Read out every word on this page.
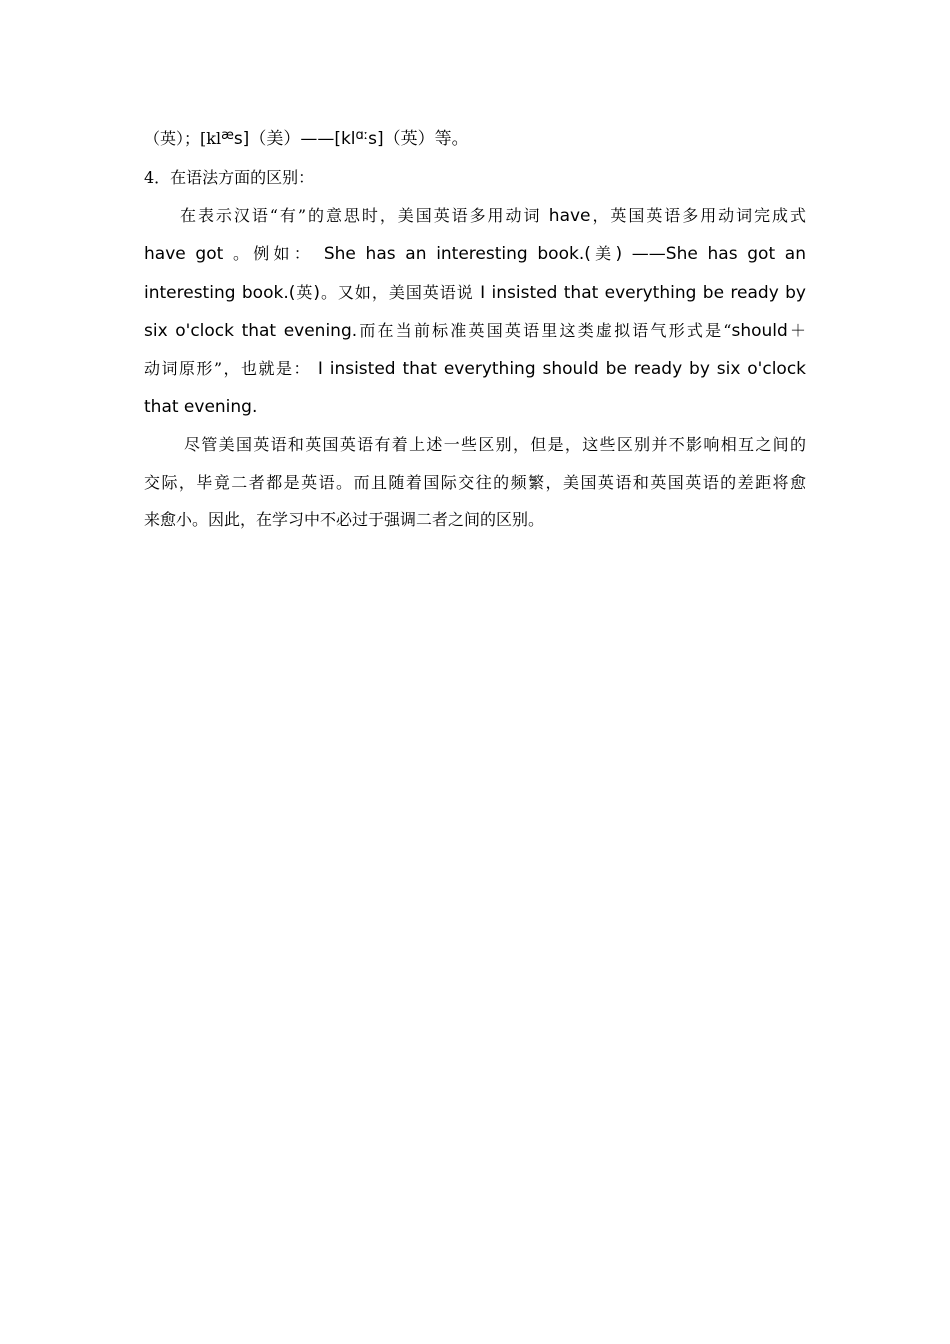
（英）；$[kl^æs]$（美）$——[kl^{ɑː}s]$（英）等。
4．在语法方面的区别：
在表示汉语“有”的意思时，美国英语多用动词 have，英国英语多用动词完成式
have got 。例如： She has an interesting book.(美) ——She has got an
interesting book.(英)。又如，美国英语说 I insisted that everything be ready by
six o'clock that evening.而在当前标准英国英语里这类虚拟语气形式是“should＋
动词原形”，也就是： I insisted that everything should be ready by six o'clock
that evening.
尽管美国英语和英国英语有着上述一些区别，但是，这些区别并不影响相互之间的
交际，毕竟二者都是英语。而且随着国际交往的频繁，美国英语和英国英语的差距将愈
来愈小。因此，在学习中不必过于强调二者之间的区别。
